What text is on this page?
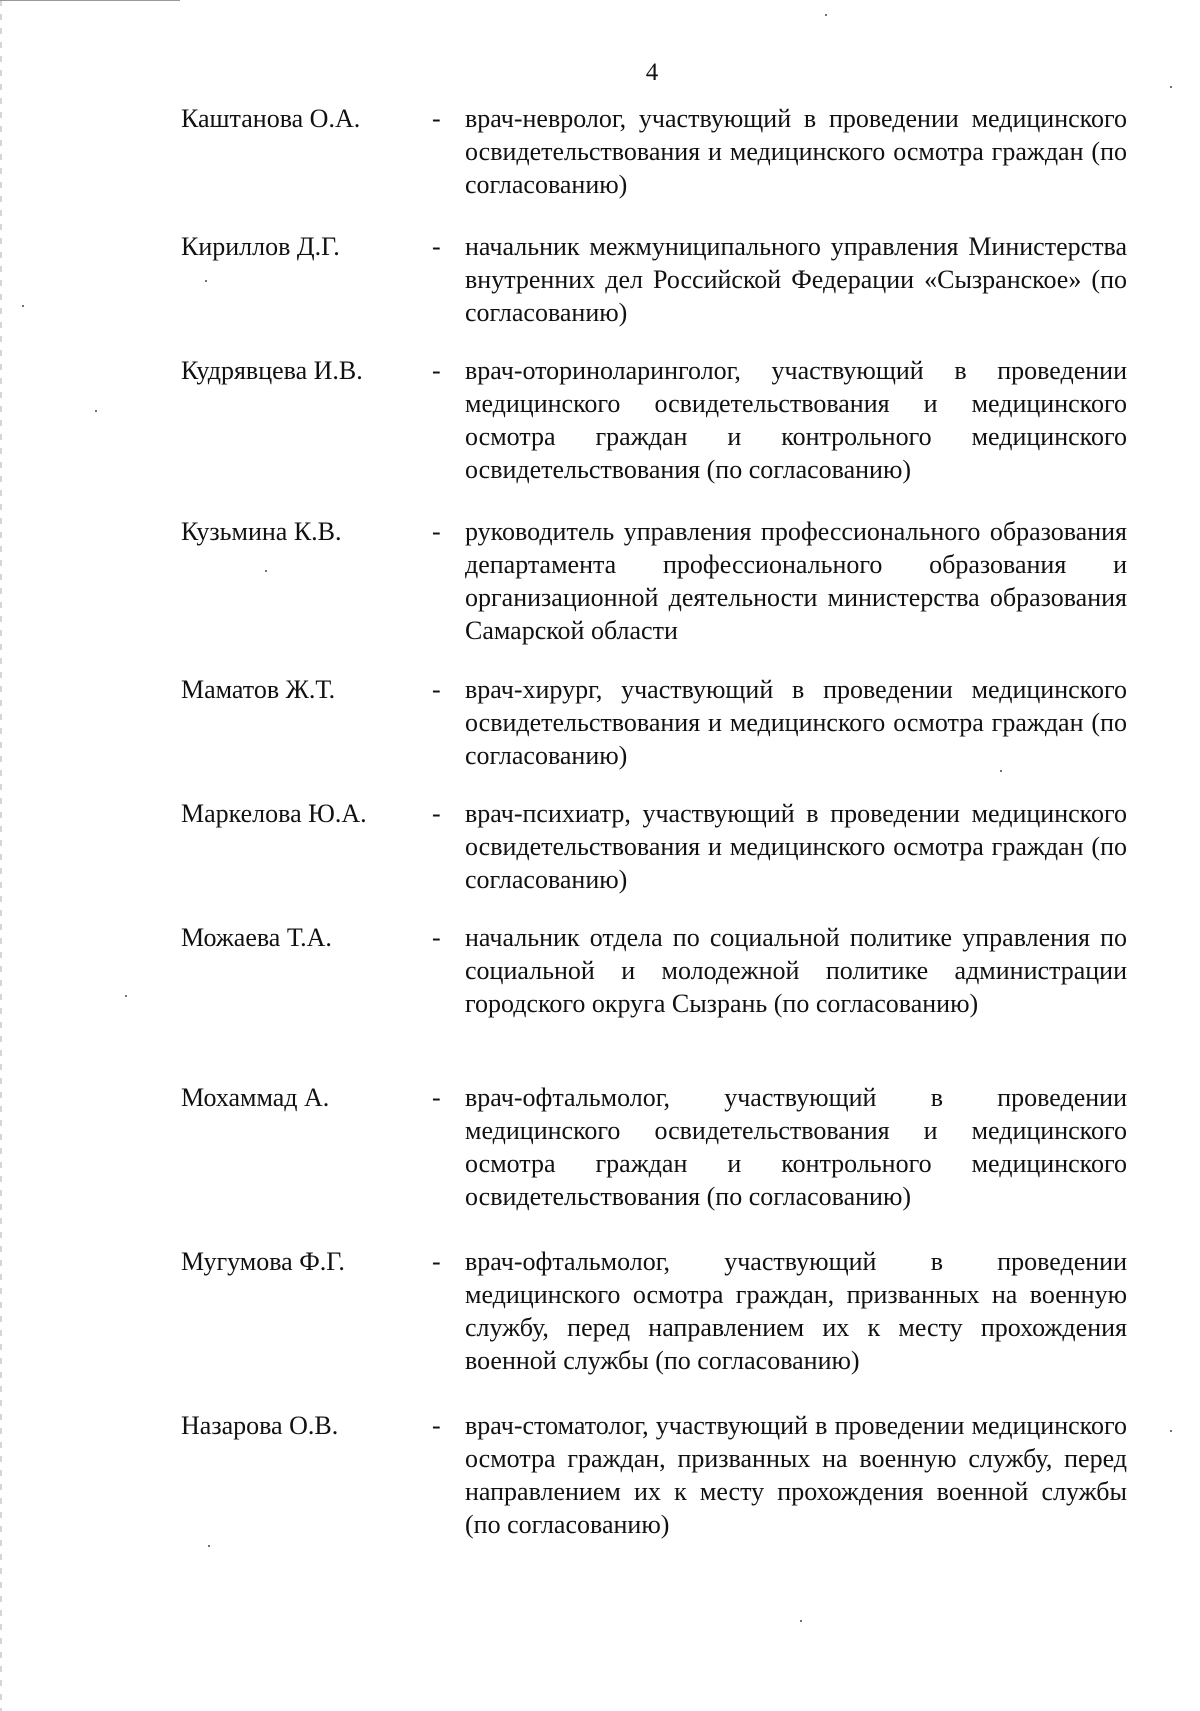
4
Каштанова О.А.	- врач-невролог, участвующий в проведении медицинского освидетельствования и медицинского осмотра граждан (по согласованию)
Кириллов Д.Г.	- начальник межмуниципального управления Министерства внутренних дел Российской Федерации «Сызранское» (по согласованию)
Кудрявцева И.В.	- врач-оториноларинголог, участвующий в проведении медицинского освидетельствования и медицинского осмотра граждан и контрольного медицинского освидетельствования (по согласованию)
Кузьмина К.В.	- руководитель управления профессионального образования департамента профессионального образования и организационной деятельности министерства образования Самарской области
Маматов Ж.Т.	- врач-хирург, участвующий в проведении медицинского освидетельствования и медицинского осмотра граждан (по согласованию)
Маркелова Ю.А.	- врач-психиатр, участвующий в проведении медицинского освидетельствования и медицинского осмотра граждан (по согласованию)
Можаева Т.А.	- начальник отдела по социальной политике управления по социальной и молодежной политике администрации городского округа Сызрань (по согласованию)
Мохаммад А.	- врач-офтальмолог, участвующий в проведении медицинского освидетельствования и медицинского осмотра граждан и контрольного медицинского освидетельствования (по согласованию)
Мугумова Ф.Г.	- врач-офтальмолог, участвующий в проведении медицинского осмотра граждан, призванных на военную службу, перед направлением их к месту прохождения военной службы (по согласованию)
Назарова О.В.	- врач-стоматолог, участвующий в проведении медицинского осмотра граждан, призванных на военную службу, перед направлением их к месту прохождения военной службы (по согласованию)
